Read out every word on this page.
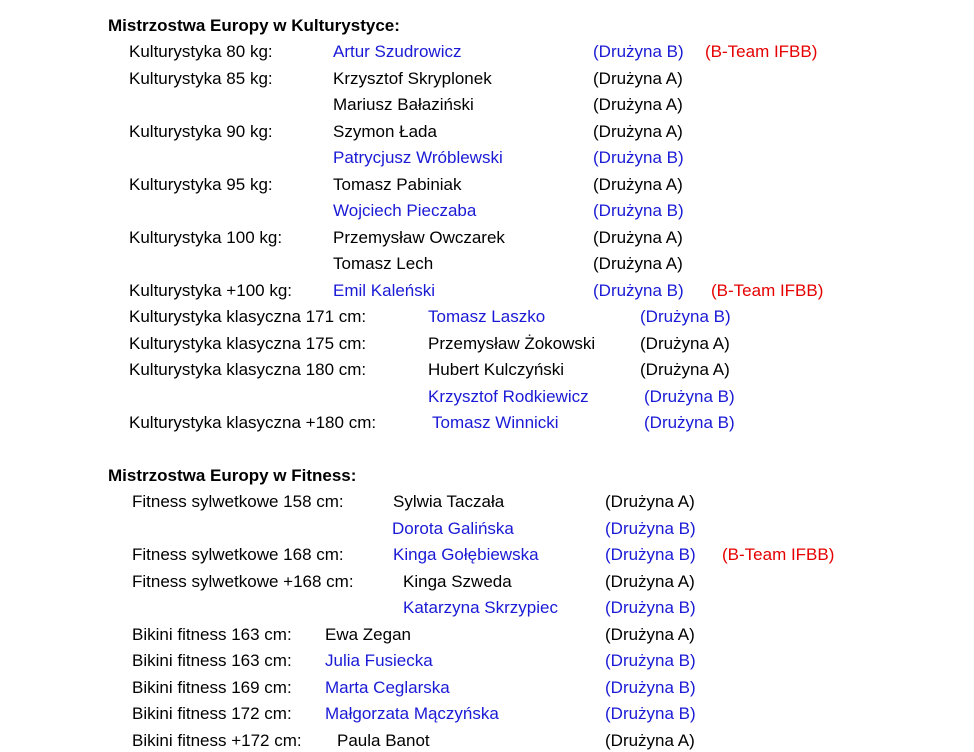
Mistrzostwa Europy w Kulturystyce:
Kulturystyka 80 kg:	Artur Szudrowicz	(Drużyna B) (B-Team IFBB)
Kulturystyka 85 kg:	Krzysztof Skryplonek	(Drużyna A)
Mariusz Bałaziński	(Drużyna A)
Kulturystyka 90 kg:	Szymon Łada	(Drużyna A)
Patrycjusz Wróblewski	(Drużyna B)
Kulturystyka 95 kg:	Tomasz Pabiniak	(Drużyna A)
Wojciech Pieczaba	(Drużyna B)
Kulturystyka 100 kg:	Przemysław Owczarek	(Drużyna A)
Tomasz Lech	(Drużyna A)
Kulturystyka +100 kg: Emil Kaleński	(Drużyna B) (B-Team IFBB)
Kulturystyka klasyczna 171 cm:	Tomasz Laszko	(Drużyna B)
Kulturystyka klasyczna 175 cm:	Przemysław Żokowski	(Drużyna A)
Kulturystyka klasyczna 180 cm:	Hubert Kulczyński	(Drużyna A)
Krzysztof Rodkiewicz	(Drużyna B)
Kulturystyka klasyczna +180 cm:	Tomasz Winnicki	(Drużyna B)
Mistrzostwa Europy w Fitness:
Fitness sylwetkowe 158 cm:	Sylwia Taczała	(Drużyna A)
Dorota Galińska	(Drużyna B)
Fitness sylwetkowe 168 cm:	Kinga Gołębiewska	(Drużyna B) (B-Team IFBB)
Fitness sylwetkowe +168 cm:	Kinga Szweda	(Drużyna A)
Katarzyna Skrzypiec	(Drużyna B)
Bikini fitness 163 cm: Ewa Zegan	(Drużyna A)
Bikini fitness 163 cm: Julia Fusiecka	(Drużyna B)
Bikini fitness 169 cm: Marta Ceglarska	(Drużyna B)
Bikini fitness 172 cm: Małgorzata Mączyńska	(Drużyna B)
Bikini fitness +172 cm: Paula Banot	(Drużyna A)
